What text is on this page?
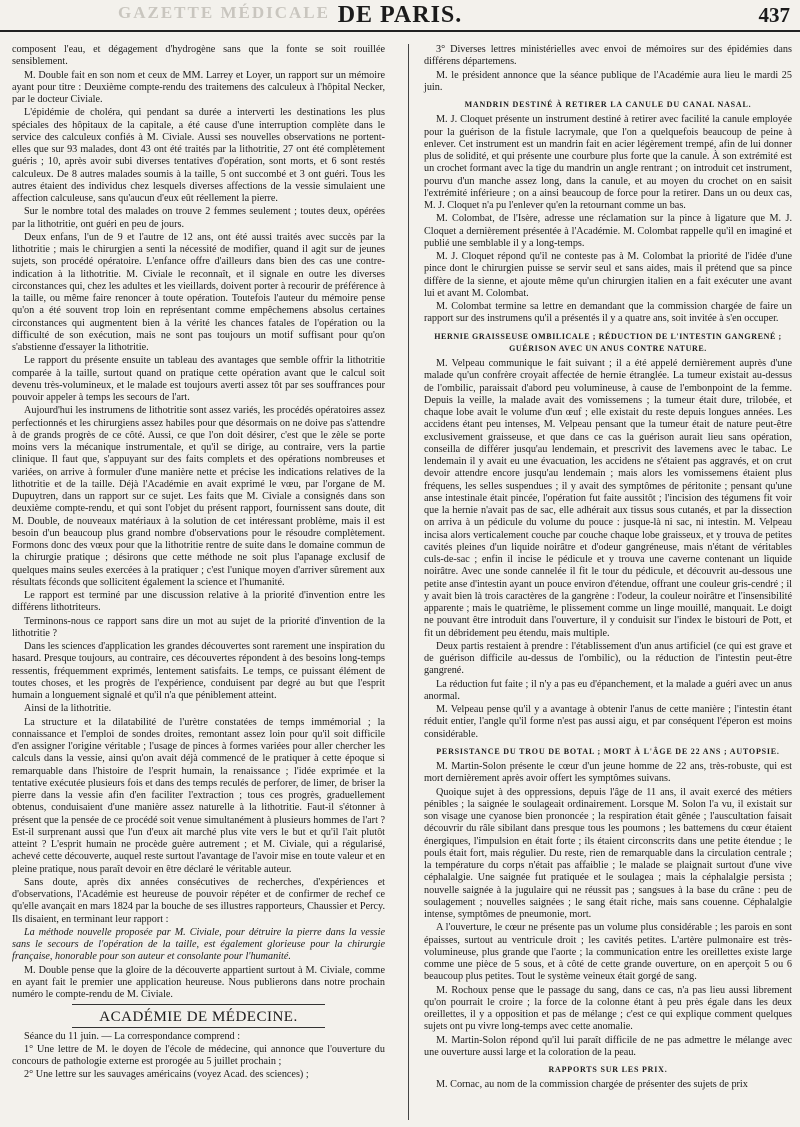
GAZETTE MÉDICALE DE PARIS.	437

composent l'eau, et dégagement d'hydrogène sans que la fonte se soit rouillée sensiblement.

M. Double fait en son nom et ceux de MM. Larrey et Loyer, un rapport sur un mémoire ayant pour titre : Deuxième compte-rendu des traitemens des calculeux à l'hôpital Necker, par le docteur Civiale.

L'épidémie de choléra, qui pendant sa durée a interverti les destinations les plus spéciales des hôpitaux de la capitale, a été cause d'une interruption complète dans le service des calculeux confiés à M. Civiale. Aussi ses nouvelles observations ne portent-elles que sur 93 malades, dont 43 ont été traités par la lithotritie, 27 ont été complètement guéris ; 10, après avoir subi diverses tentatives d'opération, sont morts, et 6 sont restés calculeux. De 8 autres malades soumis à la taille, 5 ont succombé et 3 ont guéri. Tous les autres étaient des individus chez lesquels diverses affections de la vessie simulaient une affection calculeuse, sans qu'aucun d'eux eût réellement la pierre.

Sur le nombre total des malades on trouve 2 femmes seulement ; toutes deux, opérées par la lithotritie, ont guéri en peu de jours.

Deux enfans, l'un de 9 et l'autre de 12 ans, ont été aussi traités avec succès par la lithotritie ; mais le chirurgien a senti la nécessité de modifier, quand il agit sur de jeunes sujets, son procédé opératoire. L'enfance offre d'ailleurs dans bien des cas une contre-indication à la lithotritie. M. Civiale le reconnaît, et il signale en outre les diverses circonstances qui, chez les adultes et les vieillards, doivent porter à recourir de préférence à la taille, ou même faire renoncer à toute opération. Toutefois l'auteur du mémoire pense qu'on a été souvent trop loin en représentant comme empêchemens absolus certaines circonstances qui augmentent bien à la vérité les chances fatales de l'opération ou la difficulté de son exécution, mais ne sont pas toujours un motif suffisant pour qu'on s'abstienne d'essayer la lithotritie.

Le rapport du présente ensuite un tableau des avantages que semble offrir la lithotritie comparée à la taille, surtout quand on pratique cette opération avant que le calcul soit devenu très-volumineux, et le malade est toujours averti assez tôt par ses souffrances pour pouvoir appeler à temps les secours de l'art.

Aujourd'hui les instrumens de lithotritie sont assez variés, les procédés opératoires assez perfectionnés et les chirurgiens assez habiles pour que désormais on ne doive pas s'attendre à de grands progrès de ce côté. Aussi, ce que l'on doit désirer, c'est que le zèle se porte moins vers la mécanique instrumentale, et qu'il se dirige, au contraire, vers la partie clinique. Il faut que, s'appuyant sur des faits complets et des opérations nombreuses et variées, on arrive à formuler d'une manière nette et précise les indications relatives de la lithotritie et de la taille. Déjà l'Académie en avait exprimé le vœu, par l'organe de M. Dupuytren, dans un rapport sur ce sujet. Les faits que M. Civiale a consignés dans son deuxième compte-rendu, et qui sont l'objet du présent rapport, fournissent sans doute, dit M. Double, de nouveaux matériaux à la solution de cet intéressant problème, mais il est besoin d'un beaucoup plus grand nombre d'observations pour le résoudre complètement. Formons donc des vœux pour que la lithotritie rentre de suite dans le domaine commun de la chirurgie pratique ; désirons que cette méthode ne soit plus l'apanage exclusif de quelques mains seules exercées à la pratiquer ; c'est l'unique moyen d'arriver sûrement aux résultats féconds que sollicitent également la science et l'humanité.

Le rapport est terminé par une discussion relative à la priorité d'invention entre les différens lithotriteurs.

Terminons-nous ce rapport sans dire un mot au sujet de la priorité d'invention de la lithotritie ?

Dans les sciences d'application les grandes découvertes sont rarement une inspiration du hasard. Presque toujours, au contraire, ces découvertes répondent à des besoins long-temps ressentis, fréquemment exprimés, lentement satisfaits. Le temps, ce puissant élément de toutes choses, et les progrès de l'expérience, conduisent par degré au but que l'esprit humain a longuement signalé et qu'il n'a que péniblement atteint.

Ainsi de la lithotritie.

La structure et la dilatabilité de l'urètre constatées de temps immémorial ; la connaissance et l'emploi de sondes droites, remontant assez loin pour qu'il soit difficile d'en assigner l'origine véritable ; l'usage de pinces à formes variées pour aller chercher les calculs dans la vessie, ainsi qu'on avait déjà commencé de le pratiquer à cette époque si remarquable dans l'histoire de l'esprit humain, la renaissance ; l'idée exprimée et la tentative exécutée plusieurs fois et dans des temps reculés de perforer, de limer, de briser la pierre dans la vessie afin d'en faciliter l'extraction ; tous ces progrès, graduellement obtenus, conduisaient d'une manière assez naturelle à la lithotritie. Faut-il s'étonner à présent que la pensée de ce procédé soit venue simultanément à plusieurs hommes de l'art ? Est-il surprenant aussi que l'un d'eux ait marché plus vite vers le but et qu'il l'ait plutôt atteint ? L'esprit humain ne procède guère autrement ; et M. Civiale, qui a régularisé, achevé cette découverte, auquel reste surtout l'avantage de l'avoir mise en toute valeur et en pleine pratique, nous paraît devoir en être déclaré le véritable auteur.

Sans doute, après dix années consécutives de recherches, d'expériences et d'observations, l'Académie est heureuse de pouvoir répéter et de confirmer de rechef ce qu'elle avançait en mars 1824 par la bouche de ses illustres rapporteurs, Chaussier et Percy. Ils disaient, en terminant leur rapport :

La méthode nouvelle proposée par M. Civiale, pour détruire la pierre dans la vessie sans le secours de l'opération de la taille, est également glorieuse pour la chirurgie française, honorable pour son auteur et consolante pour l'humanité.

M. Double pense que la gloire de la découverte appartient surtout à M. Civiale, comme en ayant fait le premier une application heureuse. Nous publierons dans notre prochain numéro le compte-rendu de M. Civiale.

ACADÉMIE DE MÉDECINE.

Séance du 11 juin. — La correspondance comprend :

1° Une lettre de M. le doyen de l'école de médecine, qui annonce que l'ouverture du concours de pathologie externe est prorogée au 5 juillet prochain ;

2° Une lettre sur les sauvages américains (voyez Acad. des sciences) ;

3° Diverses lettres ministérielles avec envoi de mémoires sur des épidémies dans différens départemens.

M. le président annonce que la séance publique de l'Académie aura lieu le mardi 25 juin.

MANDRIN DESTINÉ À RETIRER LA CANULE DU CANAL NASAL.

M. J. Cloquet présente un instrument destiné à retirer avec facilité la canule employée pour la guérison de la fistule lacrymale, que l'on a quelquefois beaucoup de peine à enlever. Cet instrument est un mandrin fait en acier légèrement trempé, afin de lui donner plus de solidité, et qui présente une courbure plus forte que la canule. À son extrémité est un crochet formant avec la tige du mandrin un angle rentrant ; on introduit cet instrument, pourvu d'un manche assez long, dans la canule, et au moyen du crochet on en saisit l'extrémité inférieure ; on a ainsi beaucoup de force pour la retirer. Dans un ou deux cas, M. J. Cloquet n'a pu l'enlever qu'en la retournant comme un bas.

M. Colombat, de l'Isère, adresse une réclamation sur la pince à ligature que M. J. Cloquet a dernièrement présentée à l'Académie. M. Colombat rappelle qu'il en imaginé et publié une semblable il y a long-temps.

M. J. Cloquet répond qu'il ne conteste pas à M. Colombat la priorité de l'idée d'une pince dont le chirurgien puisse se servir seul et sans aides, mais il prétend que sa pince diffère de la sienne, et ajoute même qu'un chirurgien italien en a fait exécuter une avant lui et avant M. Colombat.

M. Colombat termine sa lettre en demandant que la commission chargée de faire un rapport sur des instrumens qu'il a présentés il y a quatre ans, soit invitée à s'en occuper.

HERNIE GRAISSEUSE OMBILICALE ; RÉDUCTION DE L'INTESTIN GANGRENÉ ; GUÉRISON AVEC UN ANUS CONTRE NATURE.

M. Velpeau communique le fait suivant ; il a été appelé dernièrement auprès d'une malade qu'un confrère croyait affectée de hernie étranglée. La tumeur existait au-dessus de l'ombilic, paraissait d'abord peu volumineuse, à cause de l'embonpoint de la femme. Depuis la veille, la malade avait des vomissemens ; la tumeur était dure, trilobée, et chaque lobe avait le volume d'un œuf ; elle existait du reste depuis longues années. Les accidens étant peu intenses, M. Velpeau pensant que la tumeur était de nature peut-être exclusivement graisseuse, et que dans ce cas la guérison aurait lieu sans opération, conseilla de différer jusqu'au lendemain, et prescrivit des lavemens avec le tabac. Le lendemain il y avait eu une évacuation, les accidens ne s'étaient pas aggravés, et on crut devoir attendre encore jusqu'au lendemain ; mais alors les vomissemens étaient plus fréquens, les selles suspendues ; il y avait des symptômes de péritonite ; pensant qu'une anse intestinale était pincée, l'opération fut faite aussitôt ; l'incision des tégumens fit voir que la hernie n'avait pas de sac, elle adhérait aux tissus sous cutanés, et par la dissection on arriva à un pédicule du volume du pouce : jusque-là ni sac, ni intestin. M. Velpeau incisa alors verticalement couche par couche chaque lobe graisseux, et y trouva de petites cavités pleines d'un liquide noirâtre et d'odeur gangréneuse, mais n'étant de véritables culs-de-sac ; enfin il incise le pédicule et y trouva une caverne contenant un liquide noirâtre. Avec une sonde cannelée il fit le tour du pédicule, et découvrit au-dessous une petite anse d'intestin ayant un pouce environ d'étendue, offrant une couleur gris-cendré ; il y avait bien là trois caractères de la gangrène : l'odeur, la couleur noirâtre et l'insensibilité apparente ; mais le quatrième, le plissement comme un linge mouillé, manquait. Le doigt ne pouvant être introduit dans l'ouverture, il y conduisit sur l'index le bistouri de Pott, et fit un débridement peu étendu, mais multiple.

Deux partis restaient à prendre : l'établissement d'un anus artificiel (ce qui est grave et de guérison difficile au-dessus de l'ombilic), ou la réduction de l'intestin peut-être gangrené.

La réduction fut faite ; il n'y a pas eu d'épanchement, et la malade a guéri avec un anus anormal.

M. Velpeau pense qu'il y a avantage à obtenir l'anus de cette manière ; l'intestin étant réduit entier, l'angle qu'il forme n'est pas aussi aigu, et par conséquent l'éperon est moins considérable.

PERSISTANCE DU TROU DE BOTAL ; MORT À L'ÂGE DE 22 ANS ; AUTOPSIE.

M. Martin-Solon présente le cœur d'un jeune homme de 22 ans, très-robuste, qui est mort dernièrement après avoir offert les symptômes suivans.

Quoique sujet à des oppressions, depuis l'âge de 11 ans, il avait exercé des métiers pénibles ; la saignée le soulageait ordinairement. Lorsque M. Solon l'a vu, il existait sur son visage une cyanose bien prononcée ; la respiration était gênée ; l'auscultation faisait découvrir du râle sibilant dans presque tous les poumons ; les battemens du cœur étaient énergiques, l'impulsion en était forte ; ils étaient circonscrits dans une petite étendue ; le pouls était fort, mais régulier. Du reste, rien de remarquable dans la circulation centrale ; la température du corps n'était pas affaiblie ; le malade se plaignait surtout d'une vive céphalalgie. Une saignée fut pratiquée et le soulagea ; mais la céphalalgie persista ; nouvelle saignée à la jugulaire qui ne réussit pas ; sangsues à la base du crâne : peu de soulagement ; nouvelles saignées ; le sang était riche, mais sans couenne. Céphalalgie intense, symptômes de pneumonie, mort.

A l'ouverture, le cœur ne présente pas un volume plus considérable ; les parois en sont épaisses, surtout au ventricule droit ; les cavités petites. L'artère pulmonaire est très-volumineuse, plus grande que l'aorte ; la communication entre les oreillettes existe large comme une pièce de 5 sous, et à côté de cette grande ouverture, on en aperçoit 5 ou 6 beaucoup plus petites. Tout le système veineux était gorgé de sang.

M. Rochoux pense que le passage du sang, dans ce cas, n'a pas lieu aussi librement qu'on pourrait le croire ; la force de la colonne étant à peu près égale dans les deux oreillettes, il y a opposition et pas de mélange ; c'est ce qui explique comment quelques sujets ont pu vivre long-temps avec cette anomalie.

M. Martin-Solon répond qu'il lui paraît difficile de ne pas admettre le mélange avec une ouverture aussi large et la coloration de la peau.

RAPPORTS SUR LES PRIX.

M. Cornac, au nom de la commission chargée de présenter des sujets de prix
